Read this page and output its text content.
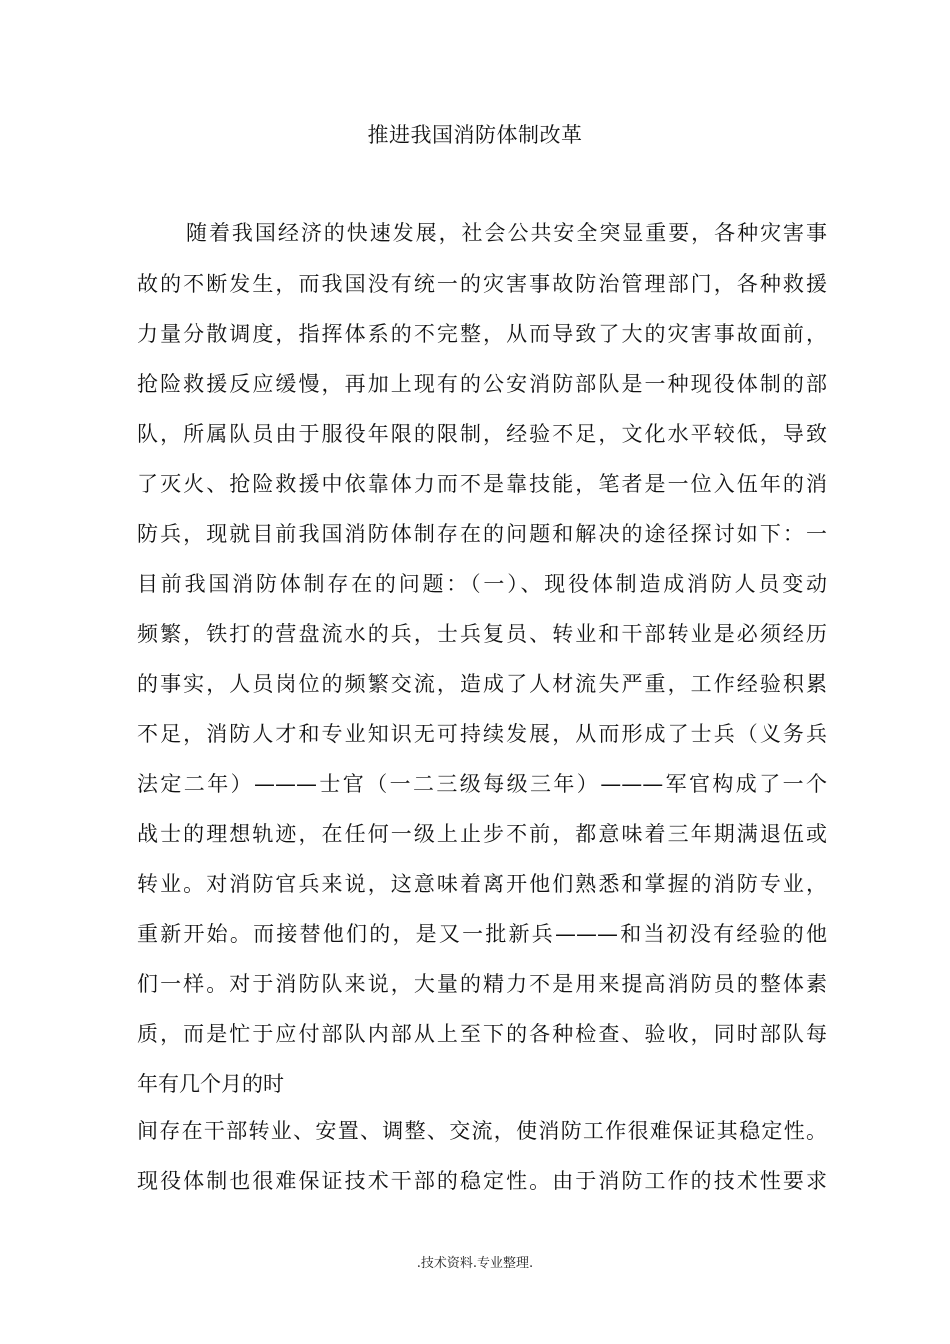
推进我国消防体制改革
随着我国经济的快速发展，社会公共安全突显重要，各种灾害事
故的不断发生，而我国没有统一的灾害事故防治管理部门，各种救援
力量分散调度，指挥体系的不完整，从而导致了大的灾害事故面前，
抢险救援反应缓慢，再加上现有的公安消防部队是一种现役体制的部
队，所属队员由于服役年限的限制，经验不足，文化水平较低，导致
了灭火、抢险救援中依靠体力而不是靠技能，笔者是一位入伍年的消
防兵，现就目前我国消防体制存在的问题和解决的途径探讨如下：一
目前我国消防体制存在的问题：（一）、现役体制造成消防人员变动
频繁，铁打的营盘流水的兵，士兵复员、转业和干部转业是必须经历
的事实，人员岗位的频繁交流，造成了人材流失严重，工作经验积累
不足，消防人才和专业知识无可持续发展，从而形成了士兵（义务兵
法定二年）———士官（一二三级每级三年）———军官构成了一个
战士的理想轨迹，在任何一级上止步不前，都意味着三年期满退伍或
转业。对消防官兵来说，这意味着离开他们熟悉和掌握的消防专业，
重新开始。而接替他们的，是又一批新兵———和当初没有经验的他
们一样。对于消防队来说，大量的精力不是用来提高消防员的整体素
质，而是忙于应付部队内部从上至下的各种检查、验收，同时部队每
年有几个月的时
间存在干部转业、安置、调整、交流，使消防工作很难保证其稳定性。
现役体制也很难保证技术干部的稳定性。由于消防工作的技术性要求
.技术资料.专业整理.
